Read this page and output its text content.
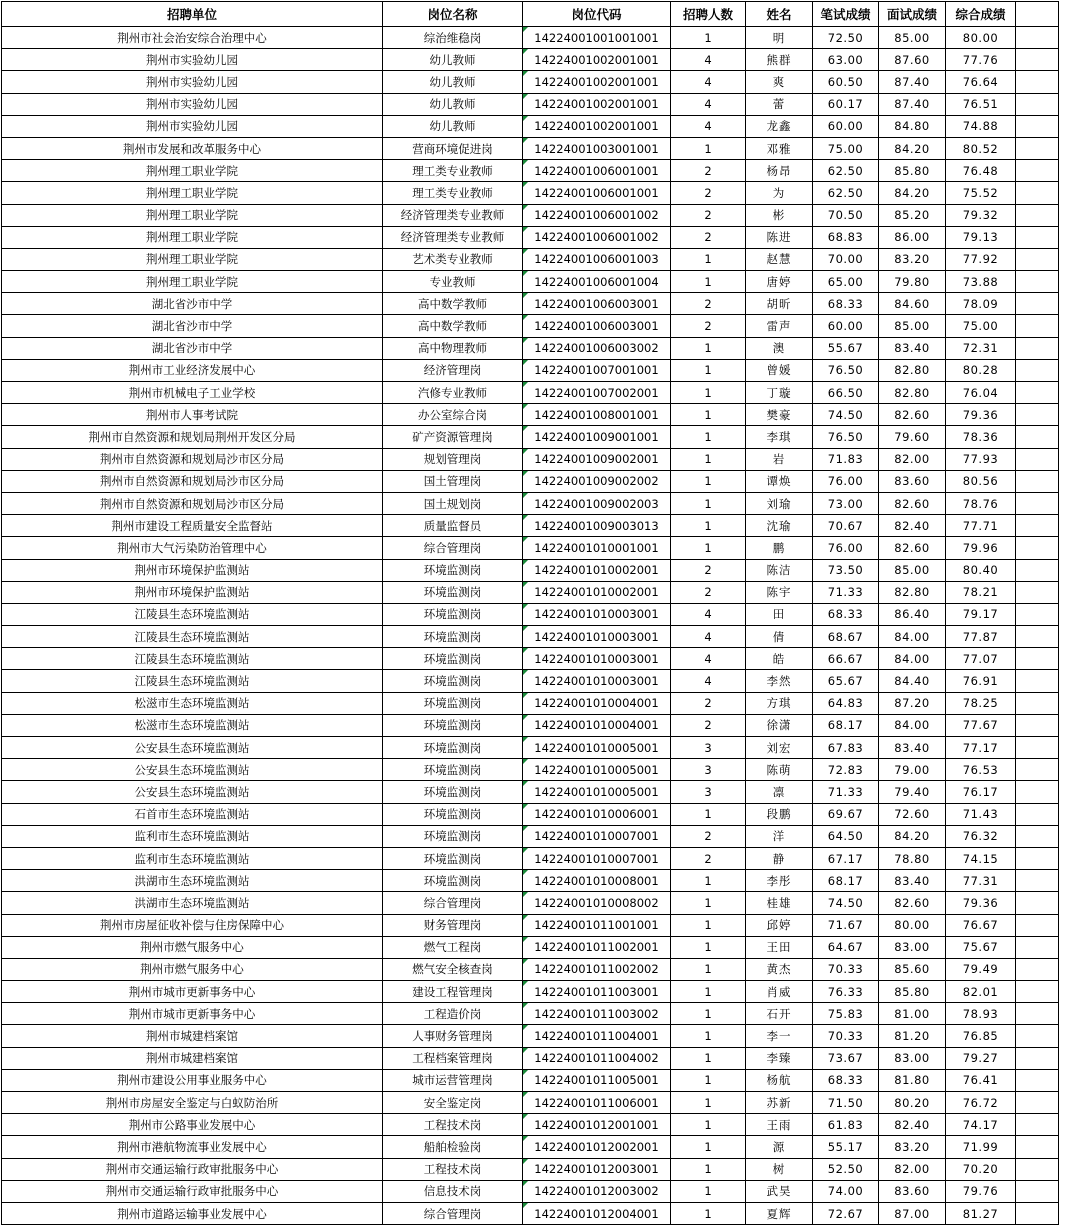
招聘单位	岗位名称	岗位代码	招聘人数	姓名	笔试成绩	面试成绩	综合成绩	
荆州市社会治安综合治理中心	综治维稳岗	14224001001001001	1	明	72.50	85.00	80.00	
荆州市实验幼儿园	幼儿教师	14224001002001001	4	熊群	63.00	87.60	77.76	
荆州市实验幼儿园	幼儿教师	14224001002001001	4	爽	60.50	87.40	76.64	
荆州市实验幼儿园	幼儿教师	14224001002001001	4	蕾	60.17	87.40	76.51	
荆州市实验幼儿园	幼儿教师	14224001002001001	4	龙鑫	60.00	84.80	74.88	
荆州市发展和改革服务中心	营商环境促进岗	14224001003001001	1	邓雅	75.00	84.20	80.52	
荆州理工职业学院	理工类专业教师	14224001006001001	2	杨昂	62.50	85.80	76.48	
荆州理工职业学院	理工类专业教师	14224001006001001	2	为	62.50	84.20	75.52	
荆州理工职业学院	经济管理类专业教师	14224001006001002	2	彬	70.50	85.20	79.32	
荆州理工职业学院	经济管理类专业教师	14224001006001002	2	陈进	68.83	86.00	79.13	
荆州理工职业学院	艺术类专业教师	14224001006001003	1	赵慧	70.00	83.20	77.92	
荆州理工职业学院	专业教师	14224001006001004	1	唐婷	65.00	79.80	73.88	
湖北省沙市中学	高中数学教师	14224001006003001	2	胡昕	68.33	84.60	78.09	
湖北省沙市中学	高中数学教师	14224001006003001	2	雷声	60.00	85.00	75.00	
湖北省沙市中学	高中物理教师	14224001006003002	1	澳	55.67	83.40	72.31	
荆州市工业经济发展中心	经济管理岗	14224001007001001	1	曾媛	76.50	82.80	80.28	
荆州市机械电子工业学校	汽修专业教师	14224001007002001	1	丁璇	66.50	82.80	76.04	
荆州市人事考试院	办公室综合岗	14224001008001001	1	樊豪	74.50	82.60	79.36	
荆州市自然资源和规划局荆州开发区分局	矿产资源管理岗	14224001009001001	1	李琪	76.50	79.60	78.36	
荆州市自然资源和规划局沙市区分局	规划管理岗	14224001009002001	1	岩	71.83	82.00	77.93	
荆州市自然资源和规划局沙市区分局	国土管理岗	14224001009002002	1	谭焕	76.00	83.60	80.56	
荆州市自然资源和规划局沙市区分局	国土规划岗	14224001009002003	1	刘瑜	73.00	82.60	78.76	
荆州市建设工程质量安全监督站	质量监督员	14224001009003013	1	沈瑜	70.67	82.40	77.71	
荆州市大气污染防治管理中心	综合管理岗	14224001010001001	1	鹏	76.00	82.60	79.96	
荆州市环境保护监测站	环境监测岗	14224001010002001	2	陈洁	73.50	85.00	80.40	
荆州市环境保护监测站	环境监测岗	14224001010002001	2	陈宇	71.33	82.80	78.21	
江陵县生态环境监测站	环境监测岗	14224001010003001	4	田	68.33	86.40	79.17	
江陵县生态环境监测站	环境监测岗	14224001010003001	4	倩	68.67	84.00	77.87	
江陵县生态环境监测站	环境监测岗	14224001010003001	4	皓	66.67	84.00	77.07	
江陵县生态环境监测站	环境监测岗	14224001010003001	4	李然	65.67	84.40	76.91	
松滋市生态环境监测站	环境监测岗	14224001010004001	2	方琪	64.83	87.20	78.25	
松滋市生态环境监测站	环境监测岗	14224001010004001	2	徐潇	68.17	84.00	77.67	
公安县生态环境监测站	环境监测岗	14224001010005001	3	刘宏	67.83	83.40	77.17	
公安县生态环境监测站	环境监测岗	14224001010005001	3	陈萌	72.83	79.00	76.53	
公安县生态环境监测站	环境监测岗	14224001010005001	3	凛	71.33	79.40	76.17	
石首市生态环境监测站	环境监测岗	14224001010006001	1	段鹏	69.67	72.60	71.43	
监利市生态环境监测站	环境监测岗	14224001010007001	2	洋	64.50	84.20	76.32	
监利市生态环境监测站	环境监测岗	14224001010007001	2	静	67.17	78.80	74.15	
洪湖市生态环境监测站	环境监测岗	14224001010008001	1	李彤	68.17	83.40	77.31	
洪湖市生态环境监测站	综合管理岗	14224001010008002	1	桂雄	74.50	82.60	79.36	
荆州市房屋征收补偿与住房保障中心	财务管理岗	14224001011001001	1	邱婷	71.67	80.00	76.67	
荆州市燃气服务中心	燃气工程岗	14224001011002001	1	王田	64.67	83.00	75.67	
荆州市燃气服务中心	燃气安全核查岗	14224001011002002	1	黄杰	70.33	85.60	79.49	
荆州市城市更新事务中心	建设工程管理岗	14224001011003001	1	肖威	76.33	85.80	82.01	
荆州市城市更新事务中心	工程造价岗	14224001011003002	1	石开	75.83	81.00	78.93	
荆州市城建档案馆	人事财务管理岗	14224001011004001	1	李一	70.33	81.20	76.85	
荆州市城建档案馆	工程档案管理岗	14224001011004002	1	李臻	73.67	83.00	79.27	
荆州市建设公用事业服务中心	城市运营管理岗	14224001011005001	1	杨航	68.33	81.80	76.41	
荆州市房屋安全鉴定与白蚁防治所	安全鉴定岗	14224001011006001	1	苏新	71.50	80.20	76.72	
荆州市公路事业发展中心	工程技术岗	14224001012001001	1	王雨	61.83	82.40	74.17	
荆州市港航物流事业发展中心	船舶检验岗	14224001012002001	1	源	55.17	83.20	71.99	
荆州市交通运输行政审批服务中心	工程技术岗	14224001012003001	1	树	52.50	82.00	70.20	
荆州市交通运输行政审批服务中心	信息技术岗	14224001012003002	1	武昊	74.00	83.60	79.76	
荆州市道路运输事业发展中心	综合管理岗	14224001012004001	1	夏辉	72.67	87.00	81.27	
